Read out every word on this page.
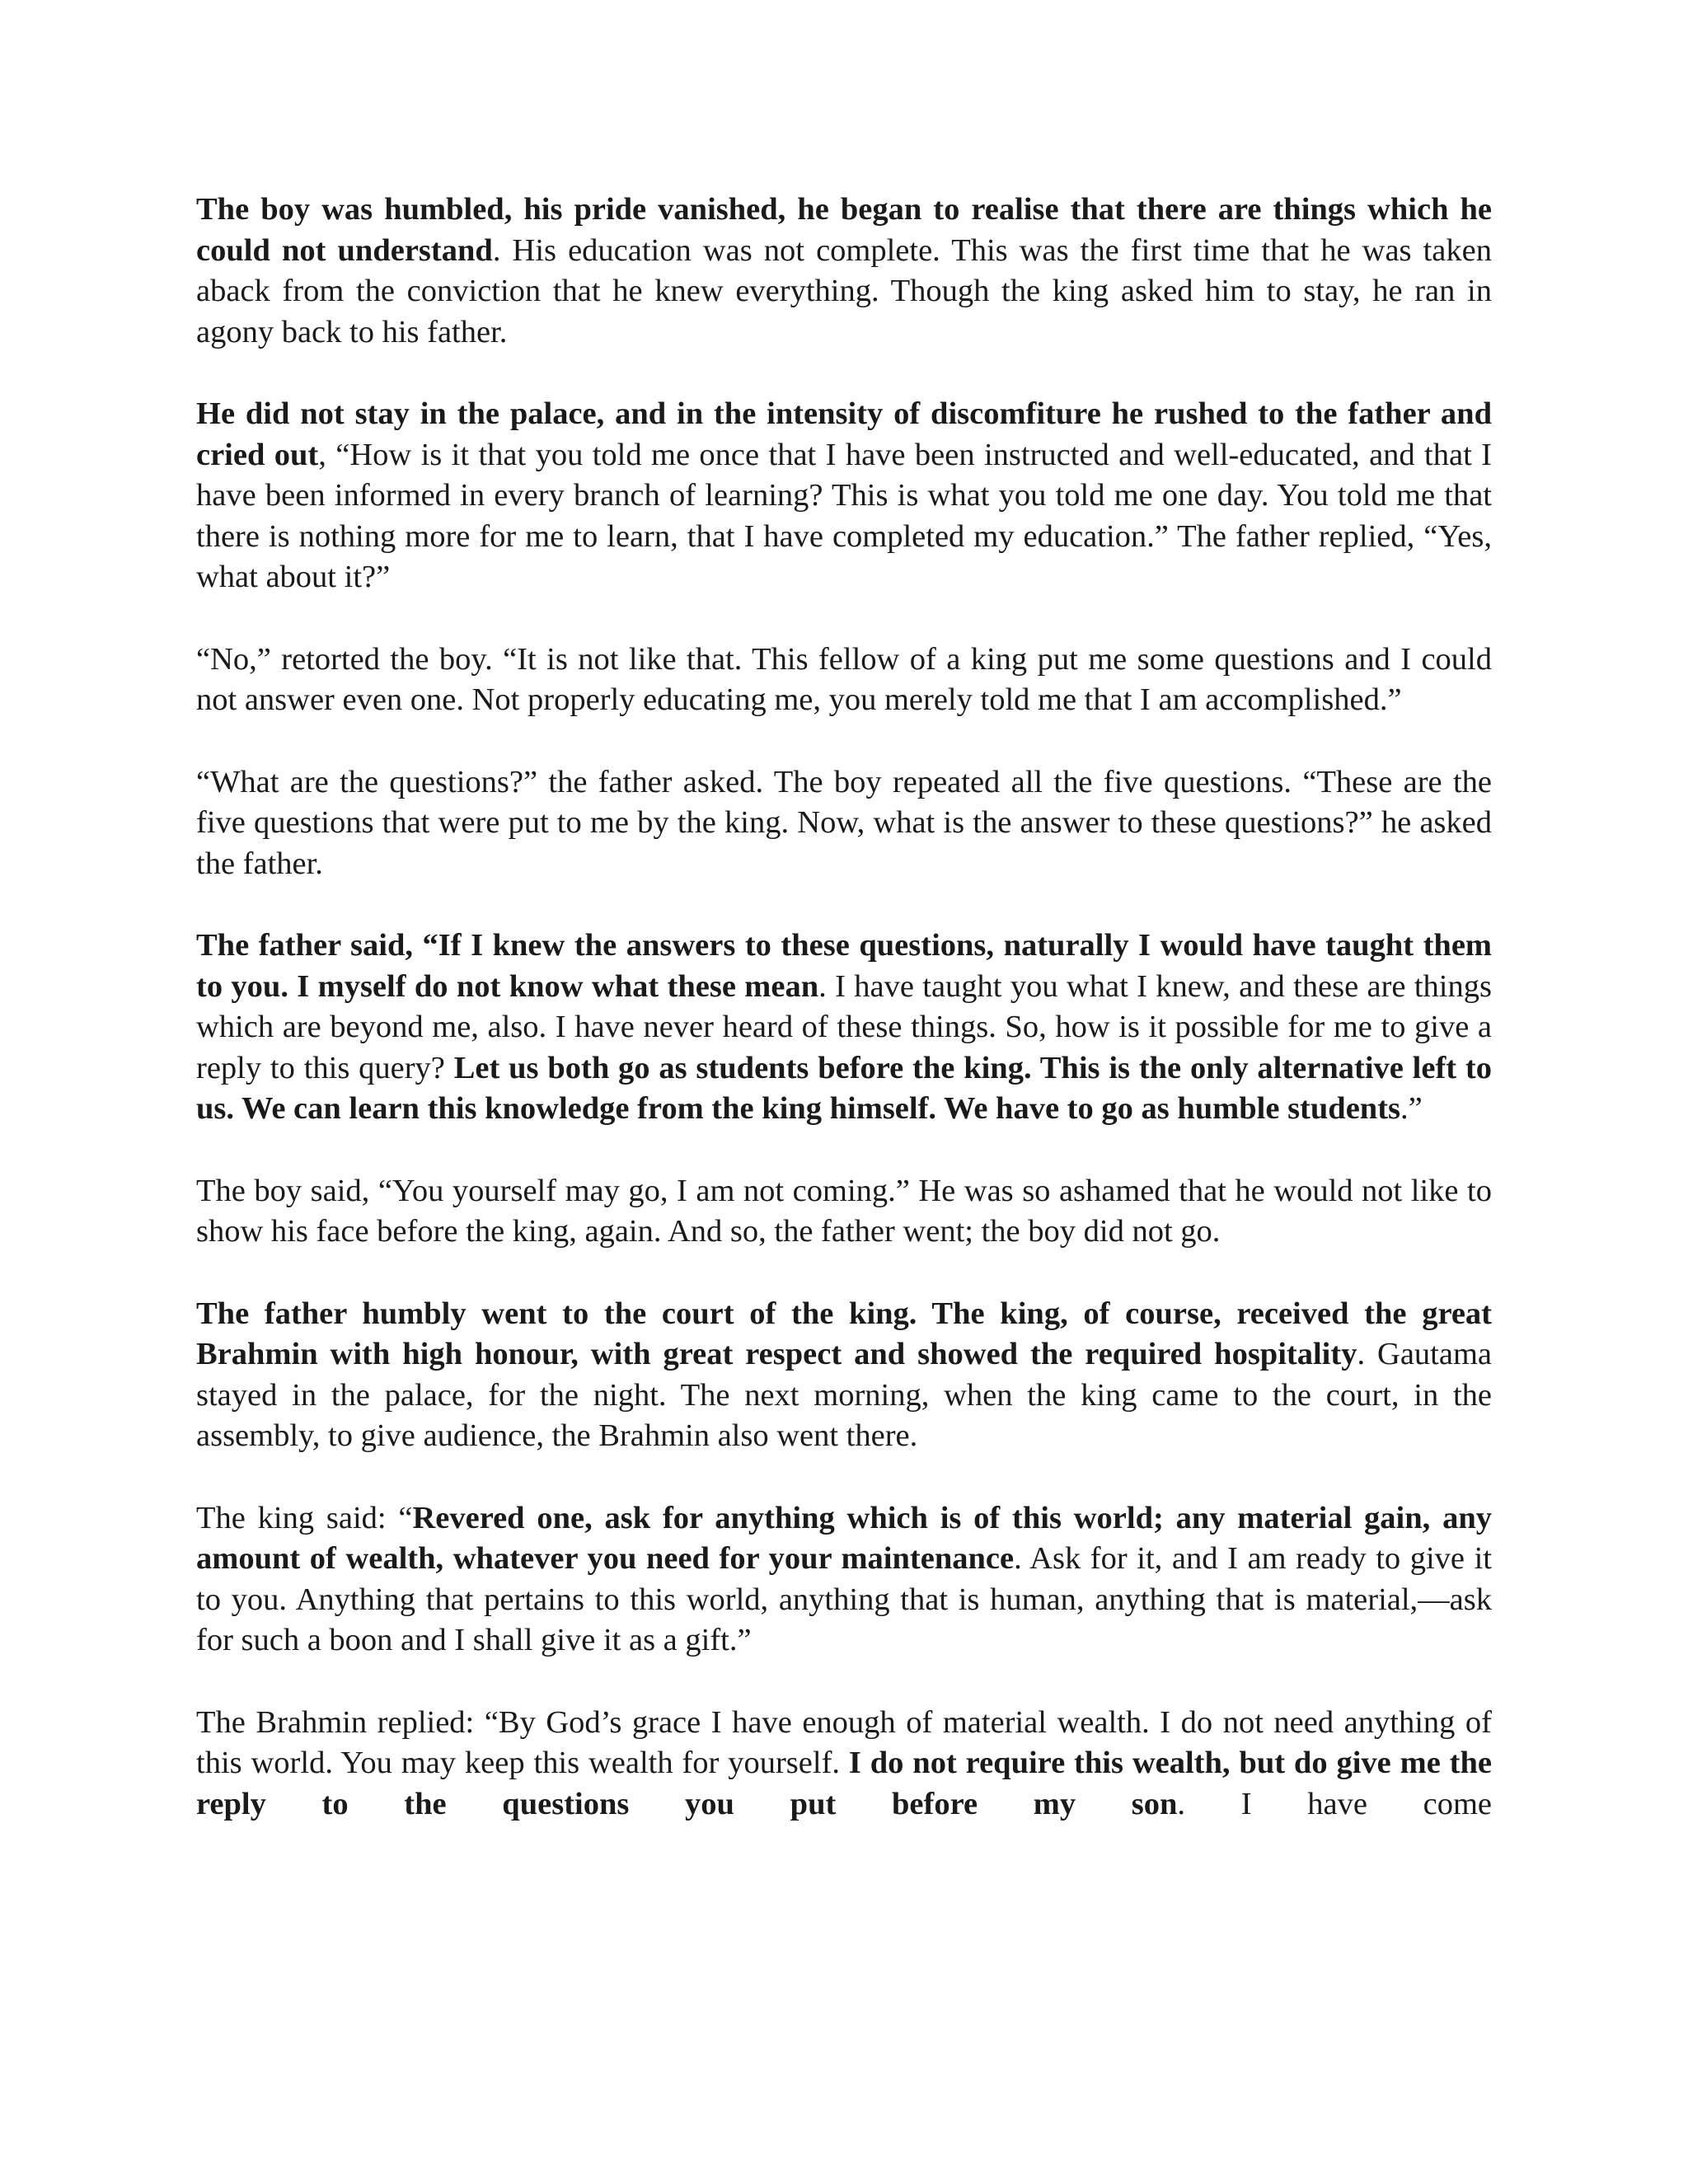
The boy was humbled, his pride vanished, he began to realise that there are things which he could not understand. His education was not complete. This was the first time that he was taken aback from the conviction that he knew everything. Though the king asked him to stay, he ran in agony back to his father.

He did not stay in the palace, and in the intensity of discomfiture he rushed to the father and cried out, “How is it that you told me once that I have been instructed and well-educated, and that I have been informed in every branch of learning? This is what you told me one day. You told me that there is nothing more for me to learn, that I have completed my education.” The father replied, “Yes, what about it?”

“No,” retorted the boy. “It is not like that. This fellow of a king put me some questions and I could not answer even one. Not properly educating me, you merely told me that I am accomplished.”

“What are the questions?” the father asked. The boy repeated all the five questions. “These are the five questions that were put to me by the king. Now, what is the answer to these questions?” he asked the father.

The father said, “If I knew the answers to these questions, naturally I would have taught them to you. I myself do not know what these mean. I have taught you what I knew, and these are things which are beyond me, also. I have never heard of these things. So, how is it possible for me to give a reply to this query? Let us both go as students before the king. This is the only alternative left to us. We can learn this knowledge from the king himself. We have to go as humble students.”

The boy said, “You yourself may go, I am not coming.” He was so ashamed that he would not like to show his face before the king, again. And so, the father went; the boy did not go.

The father humbly went to the court of the king. The king, of course, received the great Brahmin with high honour, with great respect and showed the required hospitality. Gautama stayed in the palace, for the night. The next morning, when the king came to the court, in the assembly, to give audience, the Brahmin also went there.

The king said: “Revered one, ask for anything which is of this world; any material gain, any amount of wealth, whatever you need for your maintenance. Ask for it, and I am ready to give it to you. Anything that pertains to this world, anything that is human, anything that is material,—ask for such a boon and I shall give it as a gift.”

The Brahmin replied: “By God’s grace I have enough of material wealth. I do not need anything of this world. You may keep this wealth for yourself. I do not require this wealth, but do give me the reply to the questions you put before my son. I have come
